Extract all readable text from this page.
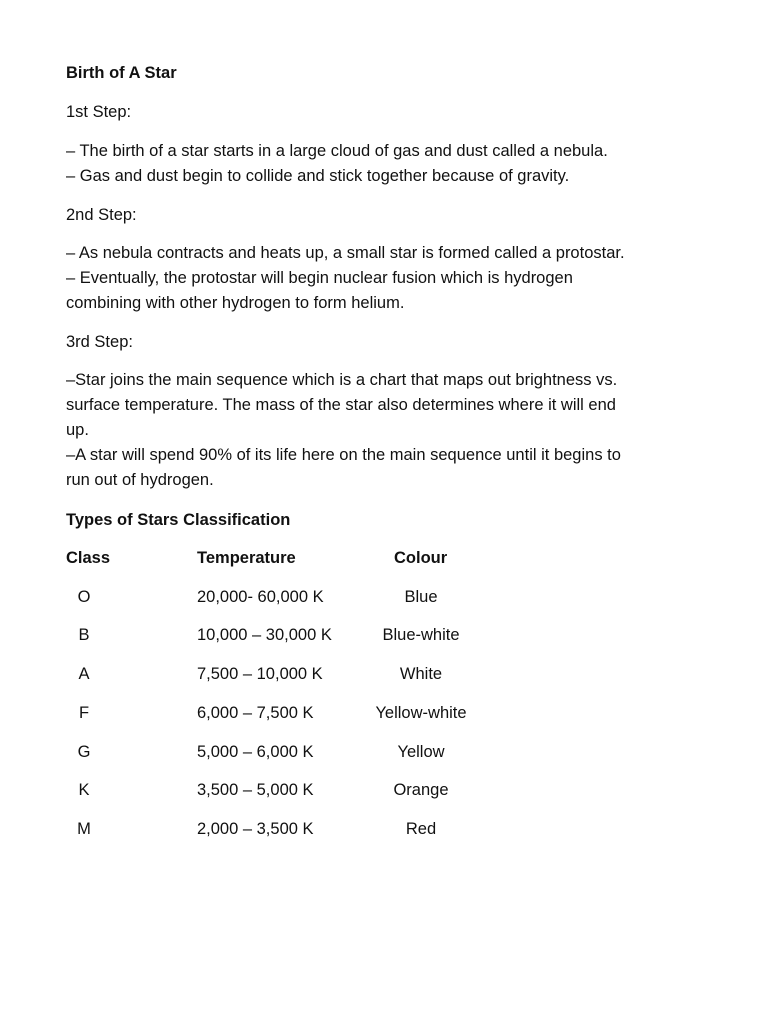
Birth of A Star
1st Step:
– The birth of a star starts in a large cloud of gas and dust called a nebula.
– Gas and dust begin to collide and stick together because of gravity.
2nd Step:
– As nebula contracts and heats up, a small star is formed called a protostar.
– Eventually, the protostar will begin nuclear fusion which is hydrogen
combining with other hydrogen to form helium.
3rd Step:
–Star joins the main sequence which is a chart that maps out brightness vs.
surface temperature. The mass of the star also determines where it will end
up.
–A star will spend 90% of its life here on the main sequence until it begins to
run out of hydrogen.
Types of Stars Classification
Class	Temperature	Colour
O	20,000- 60,000 K	Blue
B	10,000 – 30,000 K	Blue-white
A	7,500 – 10,000 K	White
F	6,000 – 7,500 K	Yellow-white
G	5,000 – 6,000 K	Yellow
K	3,500 – 5,000 K	Orange
M	2,000 – 3,500 K	Red
